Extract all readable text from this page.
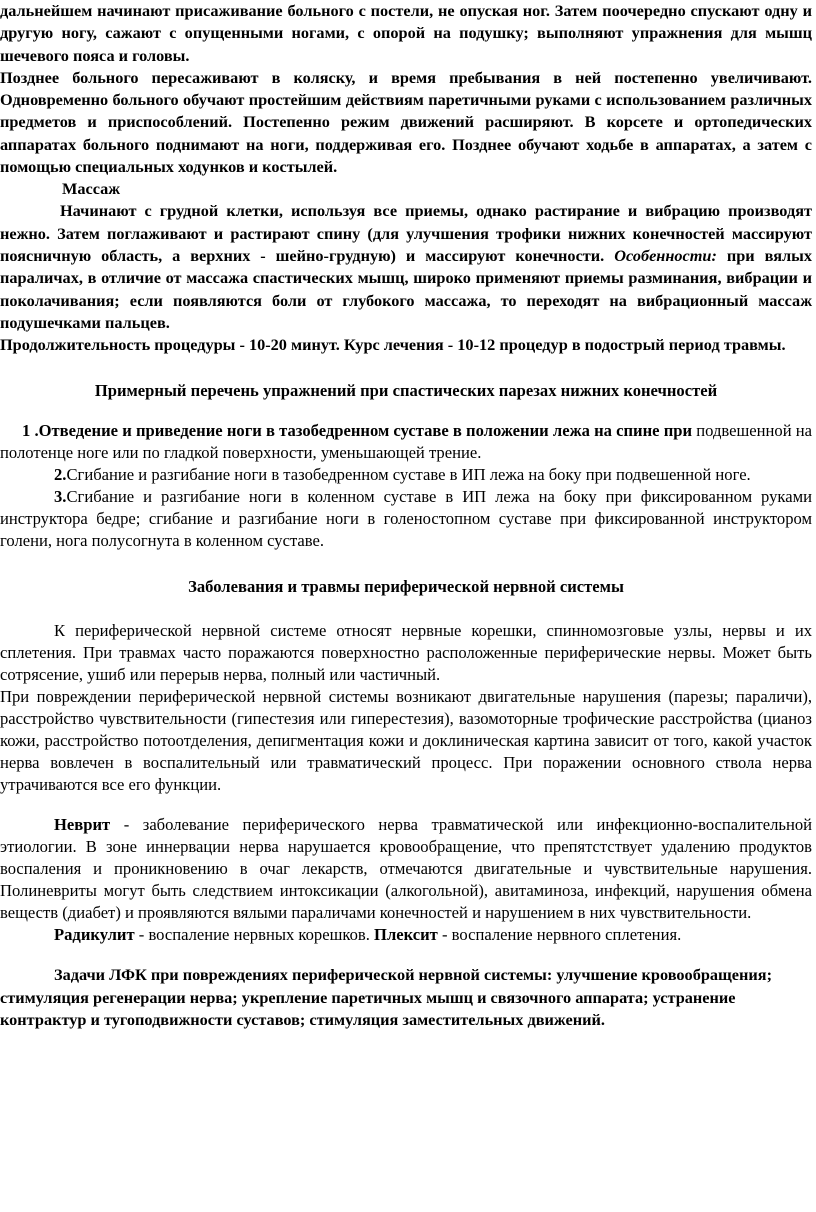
дальнейшем начинают присаживание больного с постели, не опуская ног. Затем поочередно спускают одну и другую ногу, сажают с опущенными ногами, с опорой на подушку; выполняют упражнения для мышц шечевого пояса и головы.

Позднее больного пересаживают в коляску, и время пребывания в ней постепенно увеличивают. Одновременно больного обучают простейшим действиям паретичными руками с использованием различных предметов и приспособлений. Постепенно режим движений расширяют. В корсете и ортопедических аппаратах больного поднимают на ноги, поддерживая его. Позднее обучают ходьбе в аппаратах, а затем с помощью специальных ходунков и костылей.

Массаж

Начинают с грудной клетки, используя все приемы, однако растирание и вибрацию производят нежно. Затем поглаживают и растирают спину (для улучшения трофики нижних конечностей массируют поясничную область, а верхних - шейно-грудную) и массируют конечности. Особенности: при вялых параличах, в отличие от массажа спастических мышц, широко применяют приемы разминания, вибрации и поколачивания; если появляются боли от глубокого массажа, то переходят на вибрационный массаж подушечками пальцев.

Продолжительность процедуры - 10-20 минут. Курс лечения - 10-12 процедур в подострый период травмы.

Примерный перечень упражнений при спастических парезах нижних конечностей

1 .Отведение и приведение ноги в тазобедренном суставе в положении лежа на спине при подвешенной на полотенце ноге или по гладкой поверхности, уменьшающей трение.

2.Сгибание и разгибание ноги в тазобедренном суставе в ИП лежа на боку при подвешенной ноге.

3.Сгибание и разгибание ноги в коленном суставе в ИП лежа на боку при фиксированном руками инструктора бедре; сгибание и разгибание ноги в голеностопном суставе при фиксированной инструктором голени, нога полусогнута в коленном суставе.

Заболевания и травмы периферической нервной системы

К периферической нервной системе относят нервные корешки, спинномозговые узлы, нервы и их сплетения. При травмах часто поражаются поверхностно расположенные периферические нервы. Может быть сотрясение, ушиб или перерыв нерва, полный или частичный.

При повреждении периферической нервной системы возникают двигательные нарушения (парезы; параличи), расстройство чувствительности (гипестезия или гиперестезия), вазомоторные трофические расстройства (цианоз кожи, расстройство потоотделения, депигментация кожи и доклиническая картина зависит от того, какой участок нерва вовлечен в воспалительный или травматический процесс. При поражении основного ствола нерва утрачиваются все его функции.

Неврит - заболевание периферического нерва травматической или инфекционно-воспалительной этиологии. В зоне иннервации нерва нарушается кровообращение, что препятстствует удалению продуктов воспаления и проникновению в очаг лекарств, отмечаются двигательные и чувствительные нарушения. Полиневриты могут быть следствием интоксикации (алкогольной), авитаминоза, инфекций, нарушения обмена веществ (диабет) и проявляются вялыми параличами конечностей и нарушением в них чувствительности.

Радикулит - воспаление нервных корешков. Плексит - воспаление нервного сплетения.

Задачи ЛФК при повреждениях периферической нервной системы: улучшение кровообращения; стимуляция регенерации нерва; укрепление паретичных мышц и связочного аппарата; устранение контрактур и тугоподвижности суставов; стимуляция заместительных движений.
